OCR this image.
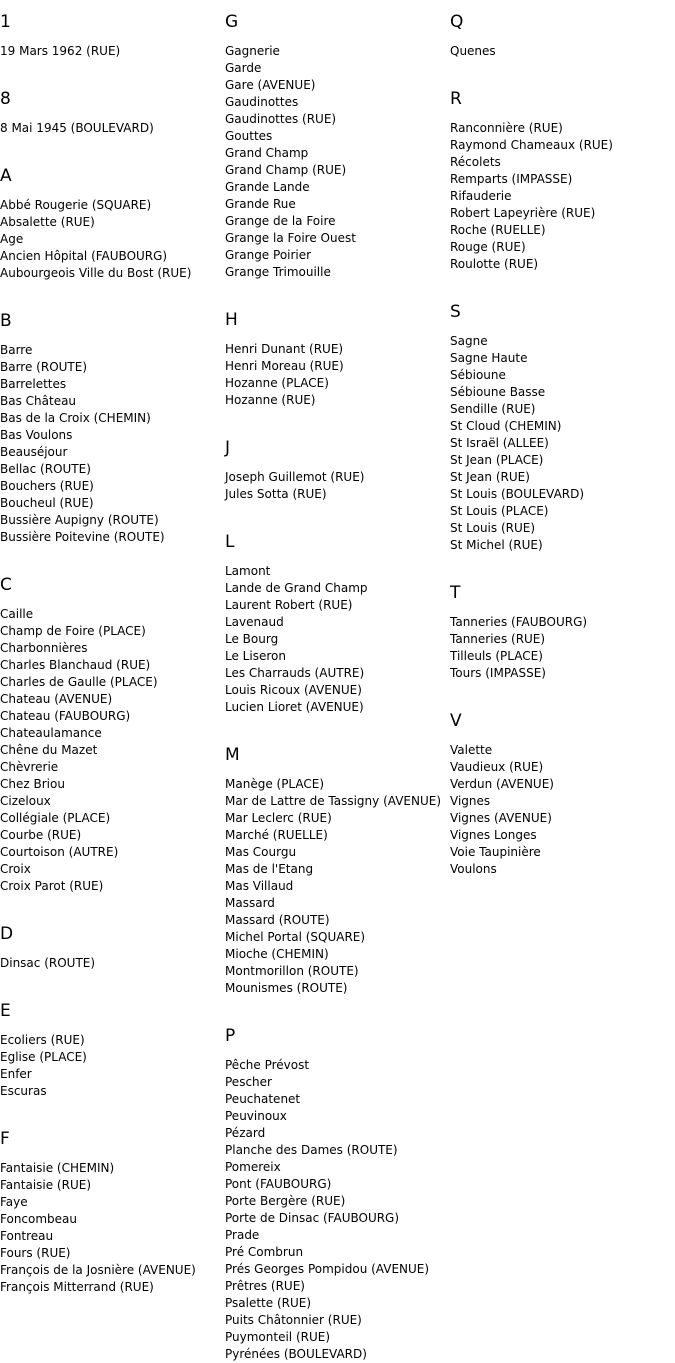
1
19 Mars 1962 (RUE)
8
8 Mai 1945 (BOULEVARD)
A
Abbé Rougerie (SQUARE)
Absalette (RUE)
Age
Ancien Hôpital (FAUBOURG)
Aubourgeois Ville du Bost (RUE)
B
Barre
Barre (ROUTE)
Barrelettes
Bas Château
Bas de la Croix (CHEMIN)
Bas Voulons
Beauséjour
Bellac (ROUTE)
Bouchers (RUE)
Boucheul (RUE)
Bussière Aupigny (ROUTE)
Bussière Poitevine (ROUTE)
C
Caille
Champ de Foire (PLACE)
Charbonnières
Charles Blanchaud (RUE)
Charles de Gaulle (PLACE)
Chateau (AVENUE)
Chateau (FAUBOURG)
Chateaulamance
Chêne du Mazet
Chèvrerie
Chez Briou
Cizeloux
Collégiale (PLACE)
Courbe (RUE)
Courtoison (AUTRE)
Croix
Croix Parot (RUE)
D
Dinsac (ROUTE)
E
Ecoliers (RUE)
Eglise (PLACE)
Enfer
Escuras
F
Fantaisie (CHEMIN)
Fantaisie (RUE)
Faye
Foncombeau
Fontreau
Fours (RUE)
François de la Josnière (AVENUE)
François Mitterrand (RUE)
G
Gagnerie
Garde
Gare (AVENUE)
Gaudinottes
Gaudinottes (RUE)
Gouttes
Grand Champ
Grand Champ (RUE)
Grande Lande
Grande Rue
Grange de la Foire
Grange la Foire Ouest
Grange Poirier
Grange Trimouille
H
Henri Dunant (RUE)
Henri Moreau (RUE)
Hozanne (PLACE)
Hozanne (RUE)
J
Joseph Guillemot (RUE)
Jules Sotta (RUE)
L
Lamont
Lande de Grand Champ
Laurent Robert (RUE)
Lavenaud
Le Bourg
Le Liseron
Les Charrauds (AUTRE)
Louis Ricoux (AVENUE)
Lucien Lioret (AVENUE)
M
Manège (PLACE)
Mar de Lattre de Tassigny (AVENUE)
Mar Leclerc (RUE)
Marché (RUELLE)
Mas Courgu
Mas de l'Etang
Mas Villaud
Massard
Massard (ROUTE)
Michel Portal (SQUARE)
Mioche (CHEMIN)
Montmorillon (ROUTE)
Mounismes (ROUTE)
P
Pêche Prévost
Pescher
Peuchatenet
Peuvinoux
Pézard
Planche des Dames (ROUTE)
Pomereix
Pont (FAUBOURG)
Porte Bergère (RUE)
Porte de Dinsac (FAUBOURG)
Prade
Pré Combrun
Prés Georges Pompidou (AVENUE)
Prêtres (RUE)
Psalette (RUE)
Puits Châtonnier (RUE)
Puymonteil (RUE)
Pyrénées (BOULEVARD)
Q
Quenes
R
Ranconnière (RUE)
Raymond Chameaux (RUE)
Récolets
Remparts (IMPASSE)
Rifauderie
Robert Lapeyrière (RUE)
Roche (RUELLE)
Rouge (RUE)
Roulotte (RUE)
S
Sagne
Sagne Haute
Sébioune
Sébioune Basse
Sendille (RUE)
St Cloud (CHEMIN)
St Israël (ALLEE)
St Jean (PLACE)
St Jean (RUE)
St Louis (BOULEVARD)
St Louis (PLACE)
St Louis (RUE)
St Michel (RUE)
T
Tanneries (FAUBOURG)
Tanneries (RUE)
Tilleuls (PLACE)
Tours (IMPASSE)
V
Valette
Vaudieux (RUE)
Verdun (AVENUE)
Vignes
Vignes (AVENUE)
Vignes Longes
Voie Taupinière
Voulons
